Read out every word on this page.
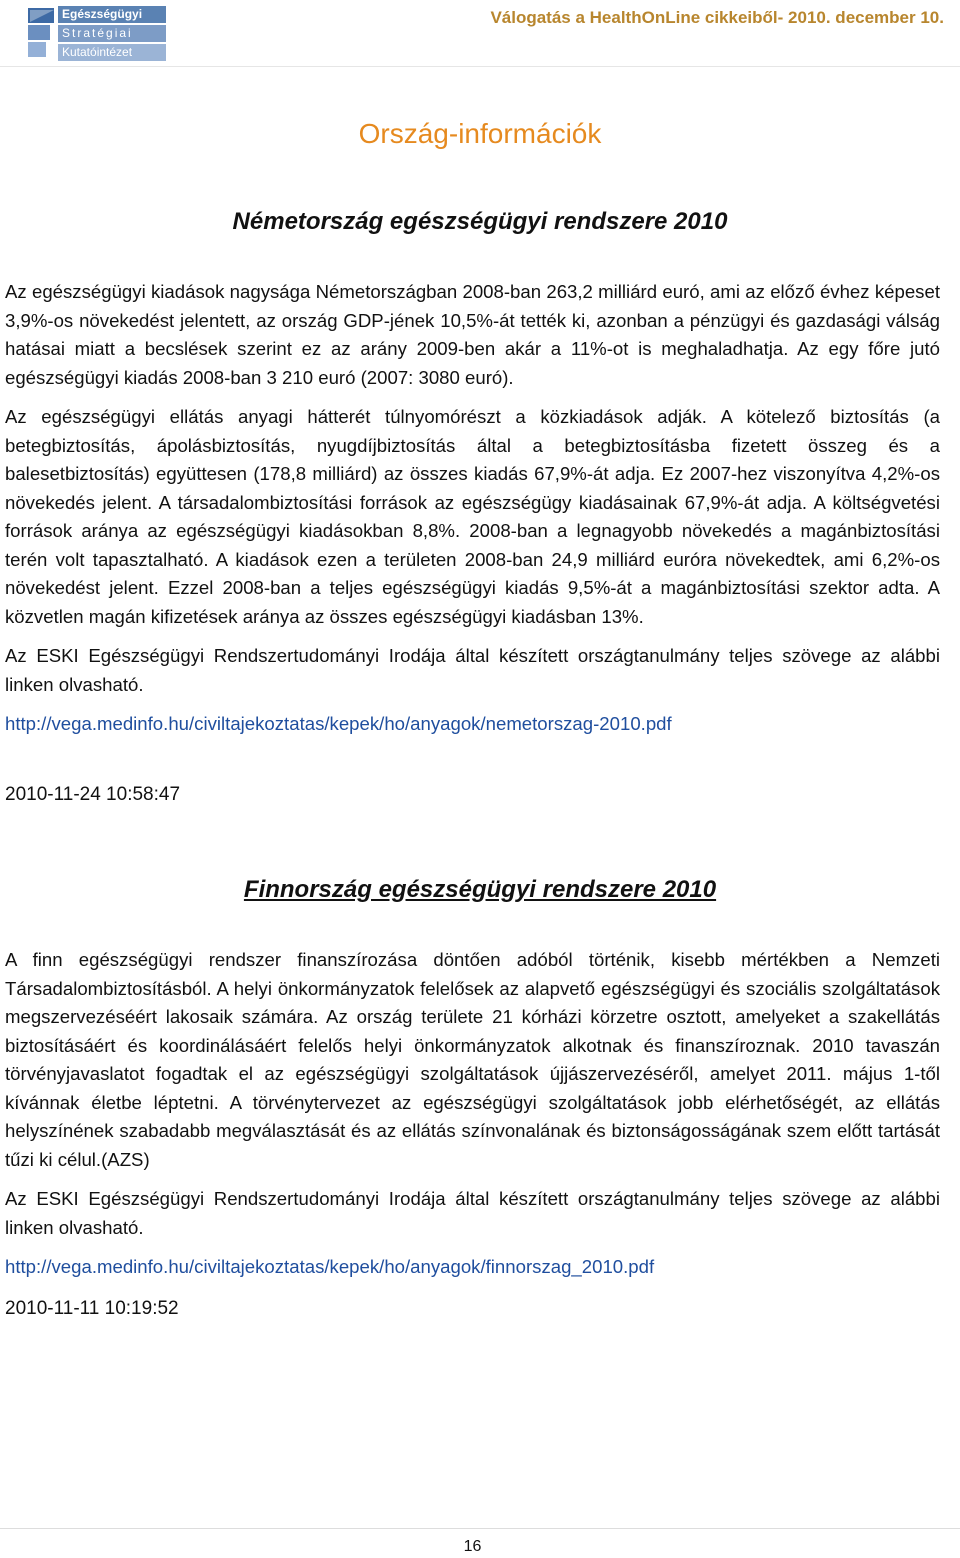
Egészségügyi
Stratégiai
Kutatóintézet
Válogatás a HealthOnLine cikkeiből- 2010. december 10.
Ország-információk
Németország egészségügyi rendszere 2010

Az egészségügyi kiadások nagysága Németországban 2008-ban 263,2 milliárd euró, ami az előző évhez képeset 3,9%-os növekedést jelentett, az ország GDP-jének 10,5%-át tették ki, azonban a pénzügyi és gazdasági válság hatásai miatt a becslések szerint ez az arány 2009-ben akár a 11%-ot is meghaladhatja. Az egy főre jutó egészségügyi kiadás 2008-ban 3 210 euró (2007: 3080 euró).

Az egészségügyi ellátás anyagi hátterét túlnyomórészt a közkiadások adják. A kötelező biztosítás (a betegbiztosítás, ápolásbiztosítás, nyugdíjbiztosítás által a betegbiztosításba fizetett összeg és a balesetbiztosítás) együttesen (178,8 milliárd) az összes kiadás 67,9%-át adja. Ez 2007-hez viszonyítva 4,2%-os növekedés jelent. A társadalombiztosítási források az egészségügy kiadásainak 67,9%-át adja. A költségvetési források aránya az egészségügyi kiadásokban 8,8%. 2008-ban a legnagyobb növekedés a magánbiztosítási terén volt tapasztalható. A kiadások ezen a területen 2008-ban 24,9 milliárd euróra növekedtek, ami 6,2%-os növekedést jelent. Ezzel 2008-ban a teljes egészségügyi kiadás 9,5%-át a magánbiztosítási szektor adta. A közvetlen magán kifizetések aránya az összes egészségügyi kiadásban 13%.

Az ESKI Egészségügyi Rendszertudományi Irodája által készített országtanulmány teljes szövege az alábbi linken olvasható.

http://vega.medinfo.hu/civiltajekoztatas/kepek/ho/anyagok/nemetorszag-2010.pdf

2010-11-24 10:58:47
Finnország egészségügyi rendszere 2010

A finn egészségügyi rendszer finanszírozása döntően adóból történik, kisebb mértékben a Nemzeti Társadalombiztosításból. A helyi önkormányzatok felelősek az alapvető egészségügyi és szociális szolgáltatások megszervezéséért lakosaik számára. Az ország területe 21 kórházi körzetre osztott, amelyeket a szakellátás biztosításáért és koordinálásáért felelős helyi önkormányzatok alkotnak és finanszíroznak. 2010 tavaszán törvényjavaslatot fogadtak el az egészségügyi szolgáltatások újjászervezéséről, amelyet 2011. május 1-től kívánnak életbe léptetni. A törvénytervezet az egészségügyi szolgáltatások jobb elérhetőségét, az ellátás helyszínének szabadabb megválasztását és az ellátás színvonalának és biztonságosságának szem előtt tartását tűzi ki célul.(AZS)

Az ESKI Egészségügyi Rendszertudományi Irodája által készített országtanulmány teljes szövege az alábbi linken olvasható.

http://vega.medinfo.hu/civiltajekoztatas/kepek/ho/anyagok/finnorszag_2010.pdf

2010-11-11 10:19:52
16
